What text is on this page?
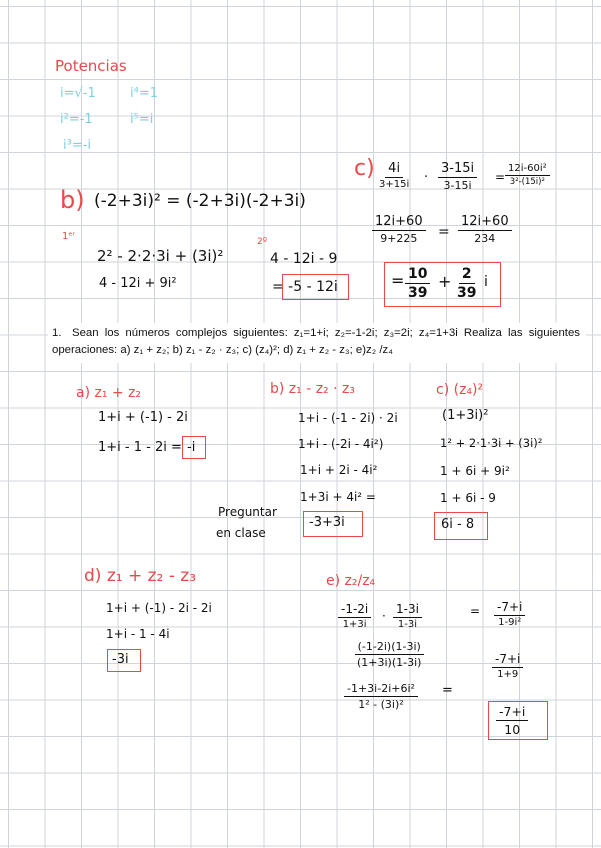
Potencias
i=√-1	i⁴=1
i²=-1	i⁵=i
i³=-i
b) (-2+3i)² = (-2+3i)(-2+3i)
1ᵉʳ	2º
2² - 2·2·3i + (3i)²	4 - 12i - 9
4 - 12i + 9i²	= -5 - 12i
c) 4i
3+15i ·
3-15i
3-15i
= $\frac{\text{12i-60i²}}{\text{3²-(15i)²}}$
12i+60
9+225 =
12i+60
234
= $\frac{10}{39} + \frac{2}{39}$ i
1. Sean los números complejos siguientes: z₁=1+i; z₂=-1-2i; z₃=2i; z₄=1+3i Realiza las siguientes operaciones: a) z₁ + z₂; b) z₁ - z₂ · z₃; c) (z₄)²; d) z₁ + z₂ - z₃; e)z₂ /z₄
a) z₁ + z₂
1+i + (-1) - 2i
1+i - 1 - 2i = -i
b) z₁ - z₂ · z₃
1+i - (-1 - 2i) · 2i
1+i - (-2i - 4i²)
1+i + 2i - 4i²
1+3i + 4i² =
-3+3i
Preguntar
en clase
c) (z₄)²
(1+3i)²
1² + 2·1·3i + (3i)²
1 + 6i + 9i²
1 + 6i - 9
6i - 8
d) z₁ + z₂ - z₃
1+i + (-1) - 2i - 2i
1+i - 1 - 4i
-3i
e) z₂/z₄
-1-2i
1+3i
· 1-3i
1-3i
= -7+i
1-9i²
$\frac{(-1-2i)(1-3i)}{(1+3i)(1-3i)}$	-7+i
1+9
$\frac{\text{-1+3i-2i+6i²}}{\text{1² - (3i)²}}$ =
$\frac{-7+i}{10}$
